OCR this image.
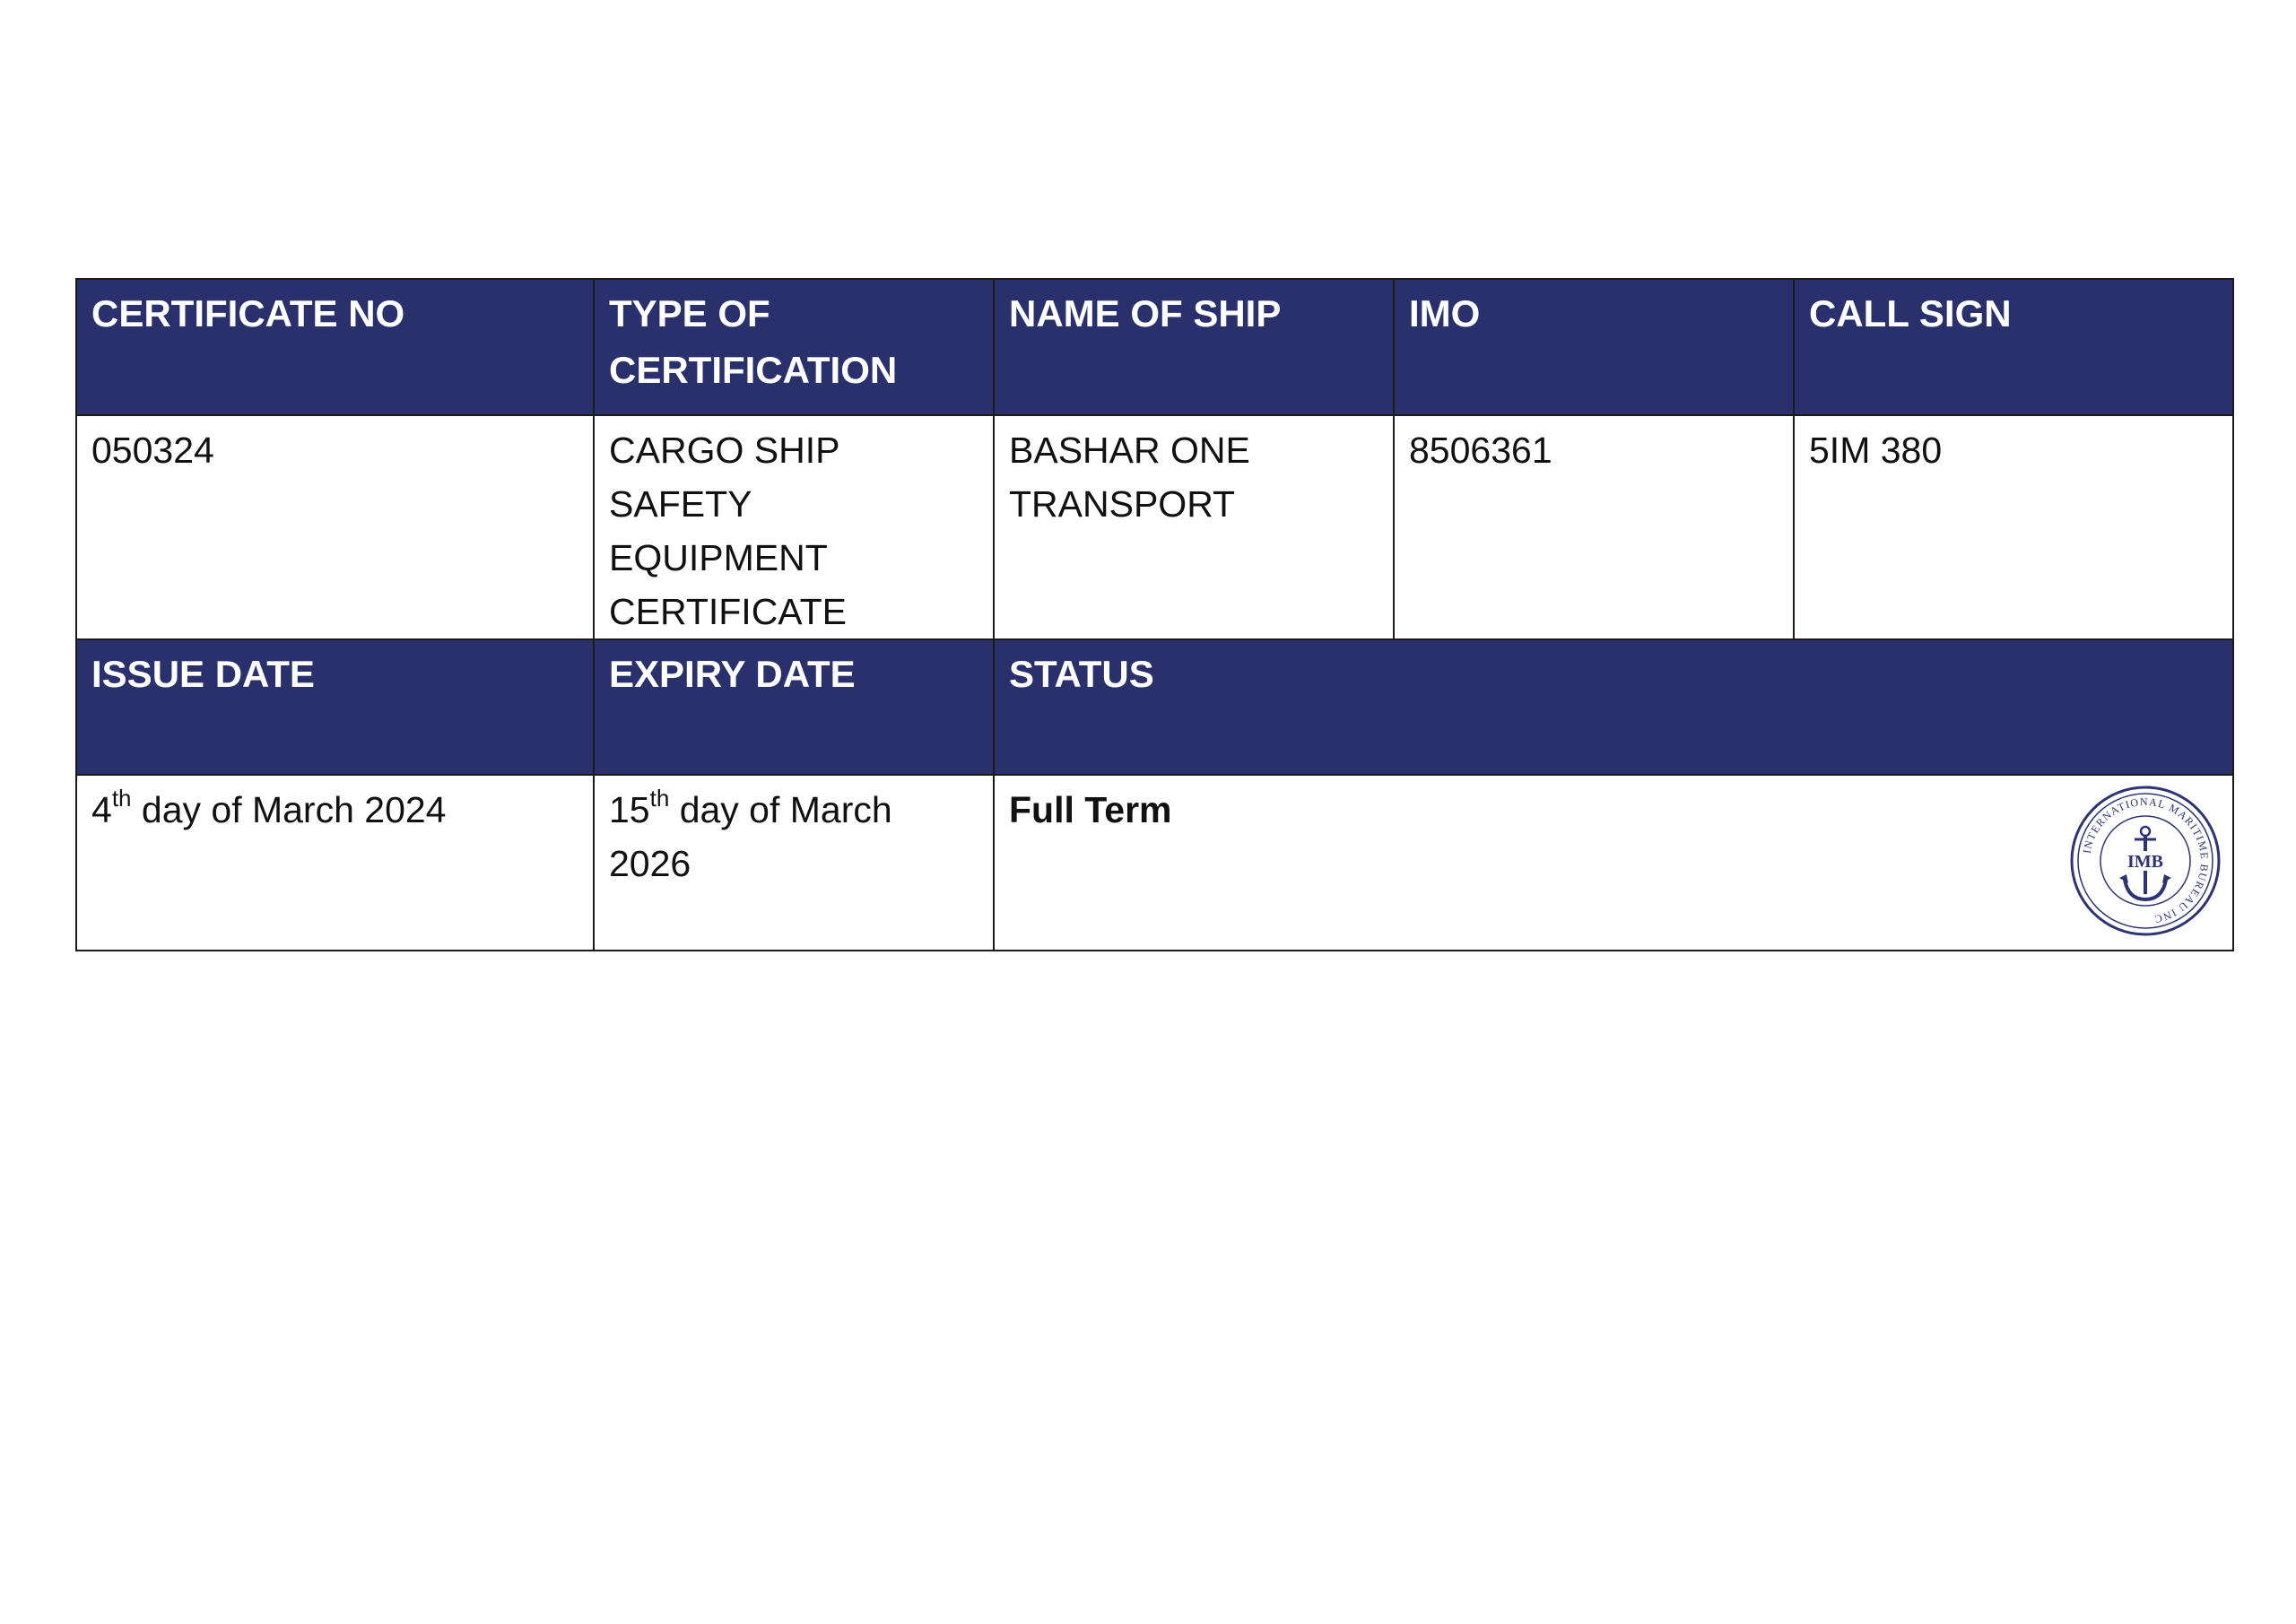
CERTIFICATE NO	TYPE OF CERTIFICATION	NAME OF SHIP	IMO	CALL SIGN
050324	CARGO SHIP SAFETY EQUIPMENT CERTIFICATE	BASHAR ONE TRANSPORT	8506361	5IM 380
ISSUE DATE	EXPIRY DATE	STATUS		
4th day of March 2024	15th day of March 2026	Full Term
INTERNATIONAL MARITIME BUREAU INC
IMB		
